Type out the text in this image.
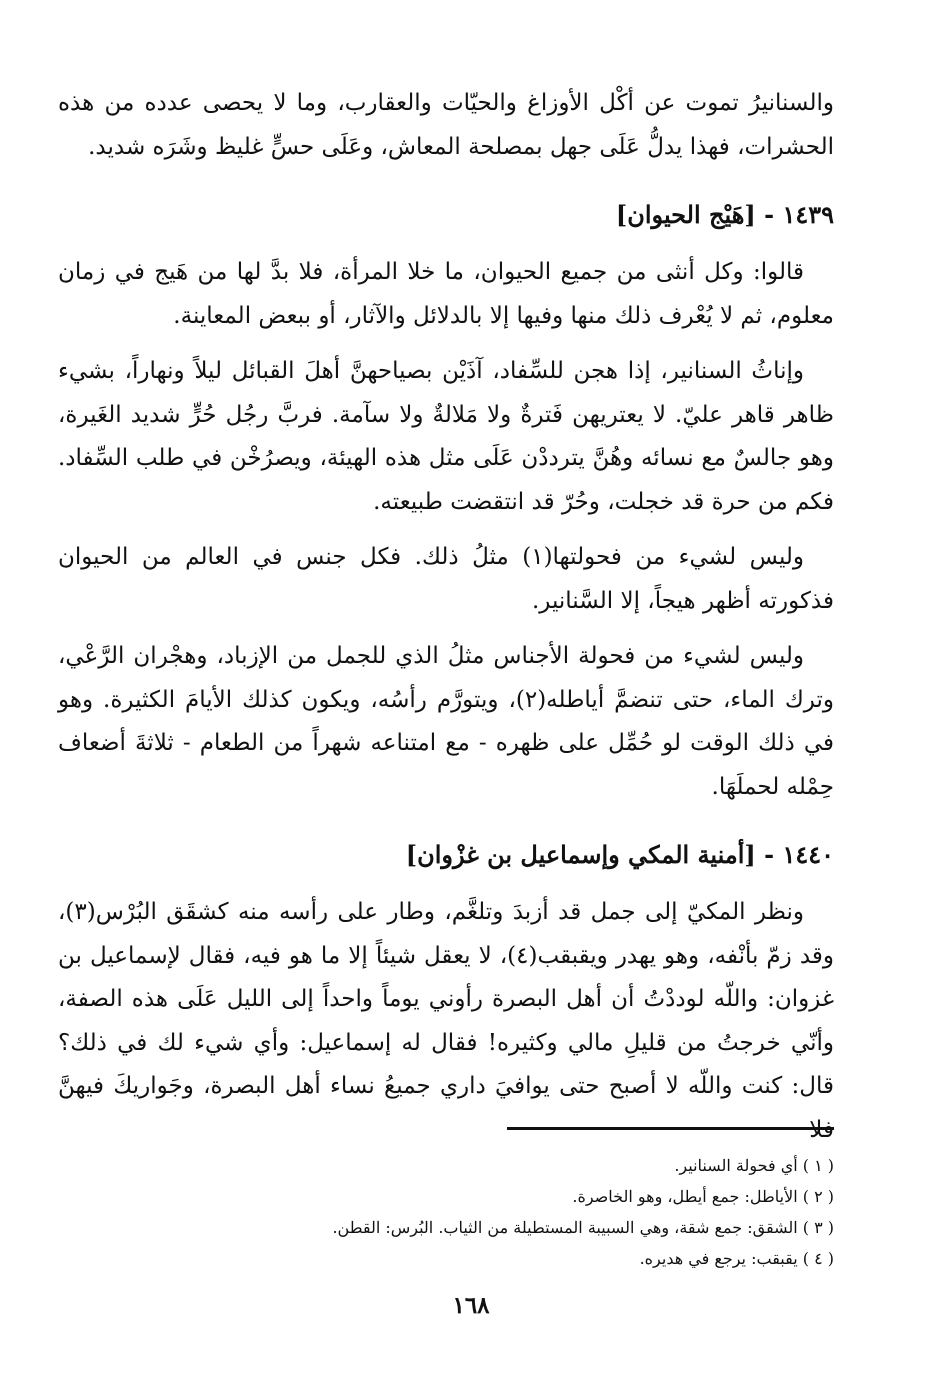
والسنانيرُ تموت عن أكْل الأوزاغ والحيّات والعقارب، وما لا يحصى عدده من هذه الحشرات، فهذا يدلُّ عَلَى جهل بمصلحة المعاش، وعَلَى حسٍّ غليظ وشَرَه شديد.

١٤٣٩ - [هَيْج الحيوان]

قالوا: وكل أنثى من جميع الحيوان، ما خلا المرأة، فلا بدَّ لها من هَيج في زمان معلوم، ثم لا يُعْرف ذلك منها وفيها إلا بالدلائل والآثار، أو ببعض المعاينة.

وإناثُ السنانير، إذا هجن للسِّفاد، آذَيْن بصياحهنَّ أهلَ القبائل ليلاً ونهاراً، بشيء ظاهر قاهر عليّ. لا يعتريهن فَترةٌ ولا مَلالةٌ ولا سآمة. فربَّ رجُل حُرٍّ شديد الغَيرة، وهو جالسٌ مع نسائه وهُنَّ يترددْن عَلَى مثل هذه الهيئة، ويصرُخْن في طلب السِّفاد. فكم من حرة قد خجلت، وحُرّ قد انتقضت طبيعته.

وليس لشيء من فحولتها(١) مثلُ ذلك. فكل جنس في العالم من الحيوان فذكورته أظهر هيجاً، إلا السَّنانير.

وليس لشيء من فحولة الأجناس مثلُ الذي للجمل من الإزباد، وهجْران الرَّعْي، وترك الماء، حتى تنضمَّ أياطله(٢)، ويتورَّم رأسُه، ويكون كذلك الأيامَ الكثيرة. وهو في ذلك الوقت لو حُمِّل على ظهره - مع امتناعه شهراً من الطعام - ثلاثةَ أضعاف حِمْله لحملَهَا.

١٤٤٠ - [أمنية المكي وإسماعيل بن غزْوان]

ونظر المكيّ إلى جمل قد أزبدَ وتلغَّم، وطار على رأسه منه كشقَق البُرْس(٣)، وقد زمّ بأنْفه، وهو يهدر ويقبقب(٤)، لا يعقل شيئاً إلا ما هو فيه، فقال لإسماعيل بن غزوان: واللّه لوددْتُ أن أهل البصرة رأوني يوماً واحداً إلى الليل عَلَى هذه الصفة، وأنّي خرجتُ من قليلِ مالي وكثيره! فقال له إسماعيل: وأي شيء لك في ذلك؟ قال: كنت واللّه لا أصبح حتى يوافيَ داري جميعُ نساء أهل البصرة، وجَواريكَ فيهنَّ فلا

( ١ ) أي فحولة السنانير.

( ٢ ) الأياطل: جمع أيطل، وهو الخاصرة.

( ٣ ) الشقق: جمع شقة، وهي السبيبة المستطيلة من الثياب. البُرس: القطن.

( ٤ ) يقبقب: يرجع في هديره.

١٦٨
